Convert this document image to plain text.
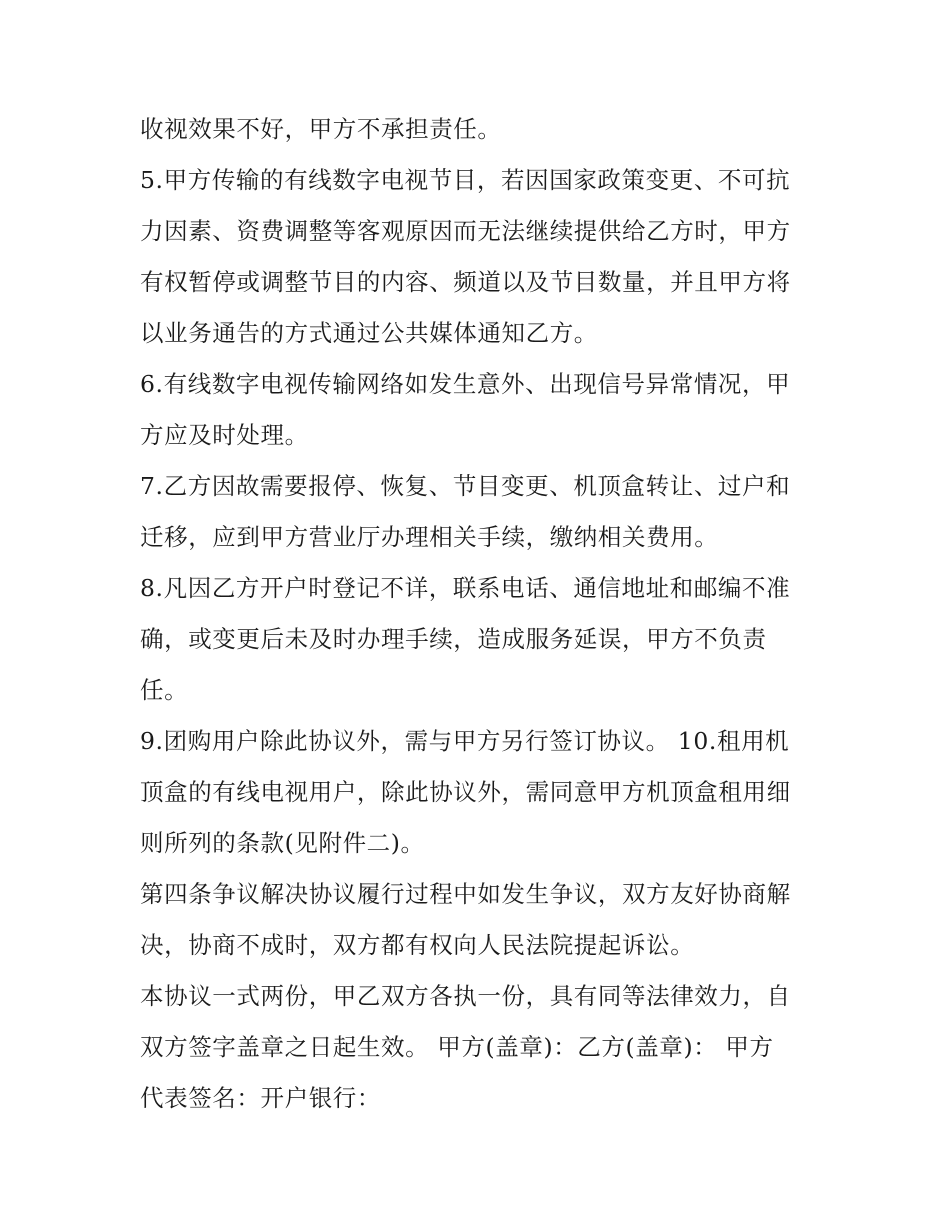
收视效果不好，甲方不承担责任。
5.甲方传输的有线数字电视节目，若因国家政策变更、不可抗
力因素、资费调整等客观原因而无法继续提供给乙方时，甲方
有权暂停或调整节目的内容、频道以及节目数量，并且甲方将
以业务通告的方式通过公共媒体通知乙方。
6.有线数字电视传输网络如发生意外、出现信号异常情况，甲
方应及时处理。
7.乙方因故需要报停、恢复、节目变更、机顶盒转让、过户和
迁移，应到甲方营业厅办理相关手续，缴纳相关费用。
8.凡因乙方开户时登记不详，联系电话、通信地址和邮编不准
确，或变更后未及时办理手续，造成服务延误，甲方不负责
任。
9.团购用户除此协议外，需与甲方另行签订协议。 10.租用机
顶盒的有线电视用户，除此协议外，需同意甲方机顶盒租用细
则所列的条款(见附件二)。
第四条争议解决协议履行过程中如发生争议，双方友好协商解
决，协商不成时，双方都有权向人民法院提起诉讼。
本协议一式两份，甲乙双方各执一份，具有同等法律效力，自
双方签字盖章之日起生效。 甲方(盖章)：乙方(盖章)： 甲方
代表签名：开户银行：
